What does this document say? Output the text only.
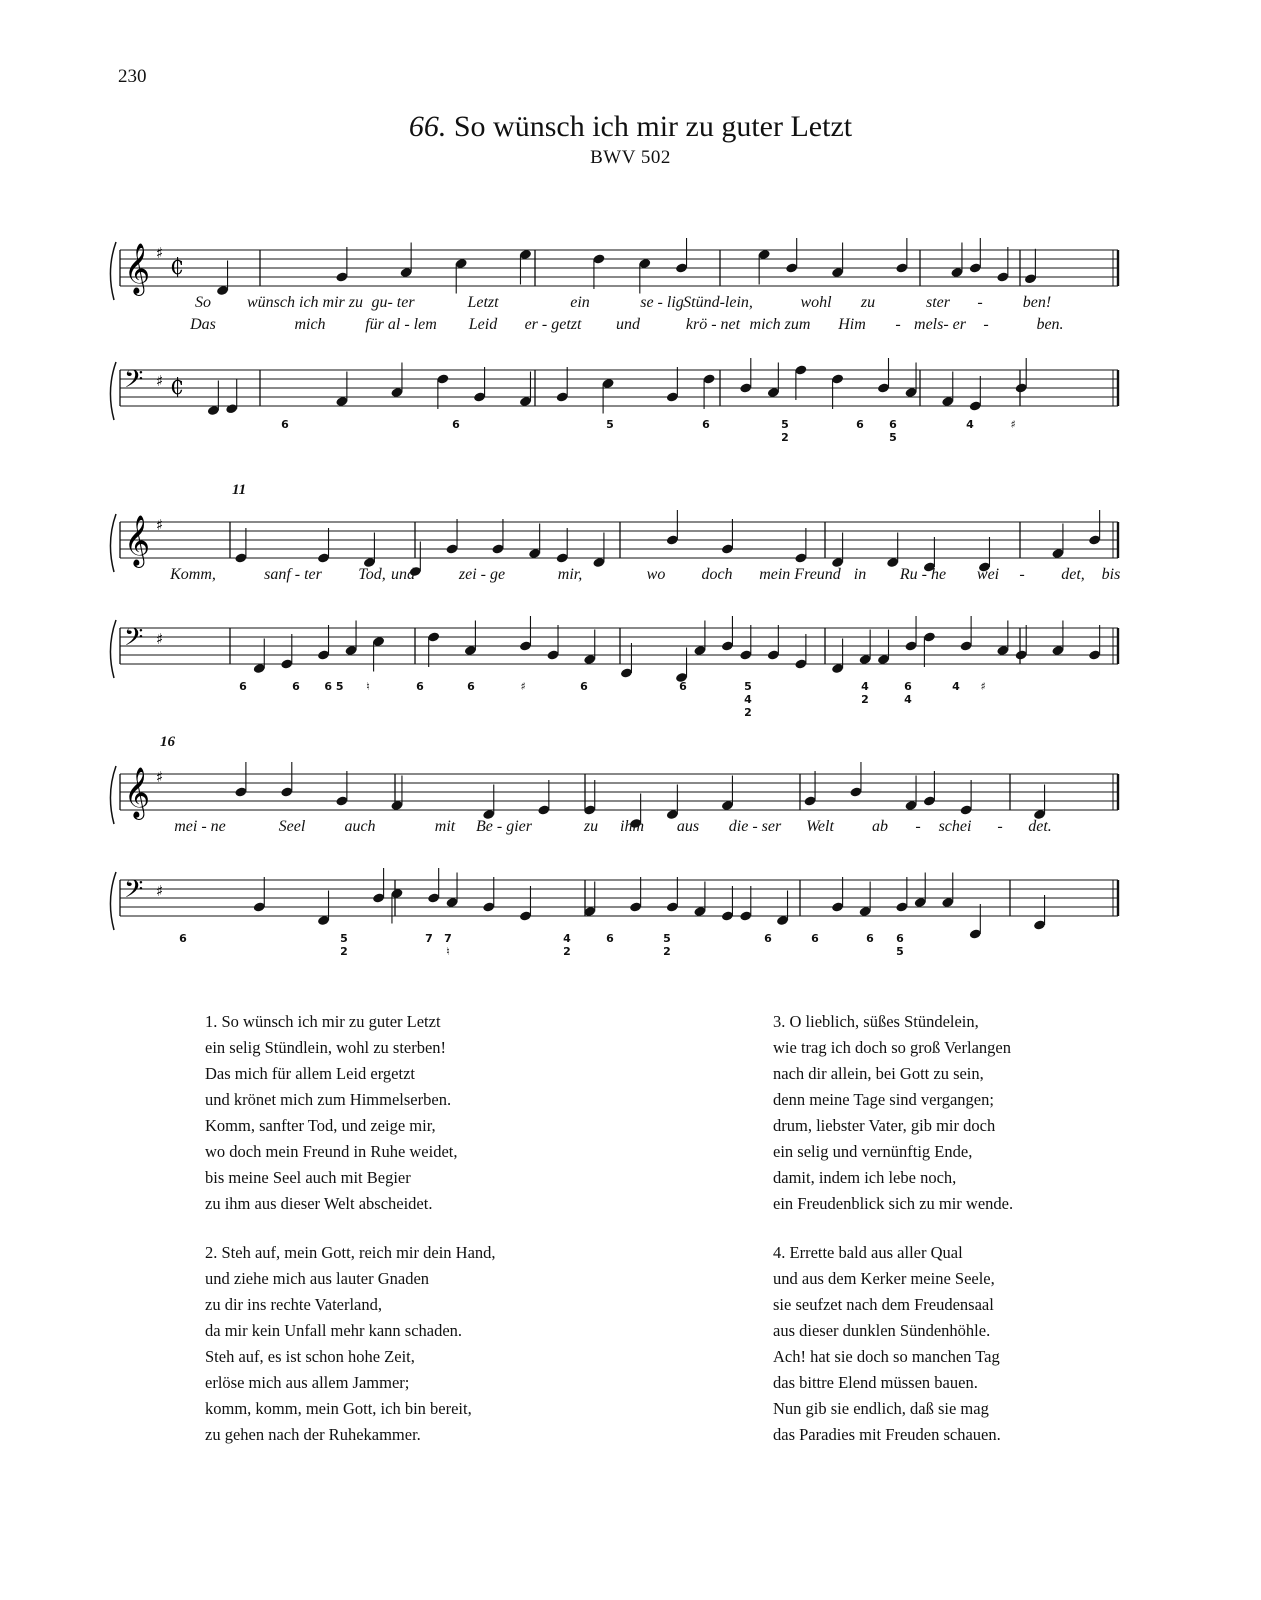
230
66. So wünsch ich mir zu guter Letzt
BWV 502
𝄞 ♯
₵
𝄢 ♯ ₵
So wünsch ich mir zu gu- ter	Letzt	ein	se - lig Stünd-lein,	wohl zu	ster -	ben!
Das	mich für al - lem Leid er - getzt und	krö - net mich zum Him - mels- er -	ben.
6	6	5	6	5
2
6 6
5
4	♯
𝄞 ♯
𝄢 ♯
11
Komm,	sanf - ter Tod, und	zei - ge	mir,	wo doch mein Freund in Ru - he wei - det, bis
6	6 6 5 ♮	6	6	♯	6	6	5
4
2
4
2
6
4
4 ♯
𝄞 ♯
𝄢 ♯
16
mei - ne	Seel auch	mit Be - gier	zu ihm aus die - ser Welt ab - schei - det.
6	5
2
7 7
♮
4
2
6	5
2
6	6	6 6
5
1. So wünsch ich mir zu guter Letzt
ein selig Stündlein, wohl zu sterben!
Das mich für allem Leid ergetzt
und krönet mich zum Himmelserben.
Komm, sanfter Tod, und zeige mir,
wo doch mein Freund in Ruhe weidet,
bis meine Seel auch mit Begier
zu ihm aus dieser Welt abscheidet.
3. O lieblich, süßes Stündelein,
wie trag ich doch so groß Verlangen
nach dir allein, bei Gott zu sein,
denn meine Tage sind vergangen;
drum, liebster Vater, gib mir doch
ein selig und vernünftig Ende,
damit, indem ich lebe noch,
ein Freudenblick sich zu mir wende.
2. Steh auf, mein Gott, reich mir dein Hand,
und ziehe mich aus lauter Gnaden
zu dir ins rechte Vaterland,
da mir kein Unfall mehr kann schaden.
Steh auf, es ist schon hohe Zeit,
erlöse mich aus allem Jammer;
komm, komm, mein Gott, ich bin bereit,
zu gehen nach der Ruhekammer.
4. Errette bald aus aller Qual
und aus dem Kerker meine Seele,
sie seufzet nach dem Freudensaal
aus dieser dunklen Sündenhöhle.
Ach! hat sie doch so manchen Tag
das bittre Elend müssen bauen.
Nun gib sie endlich, daß sie mag
das Paradies mit Freuden schauen.
